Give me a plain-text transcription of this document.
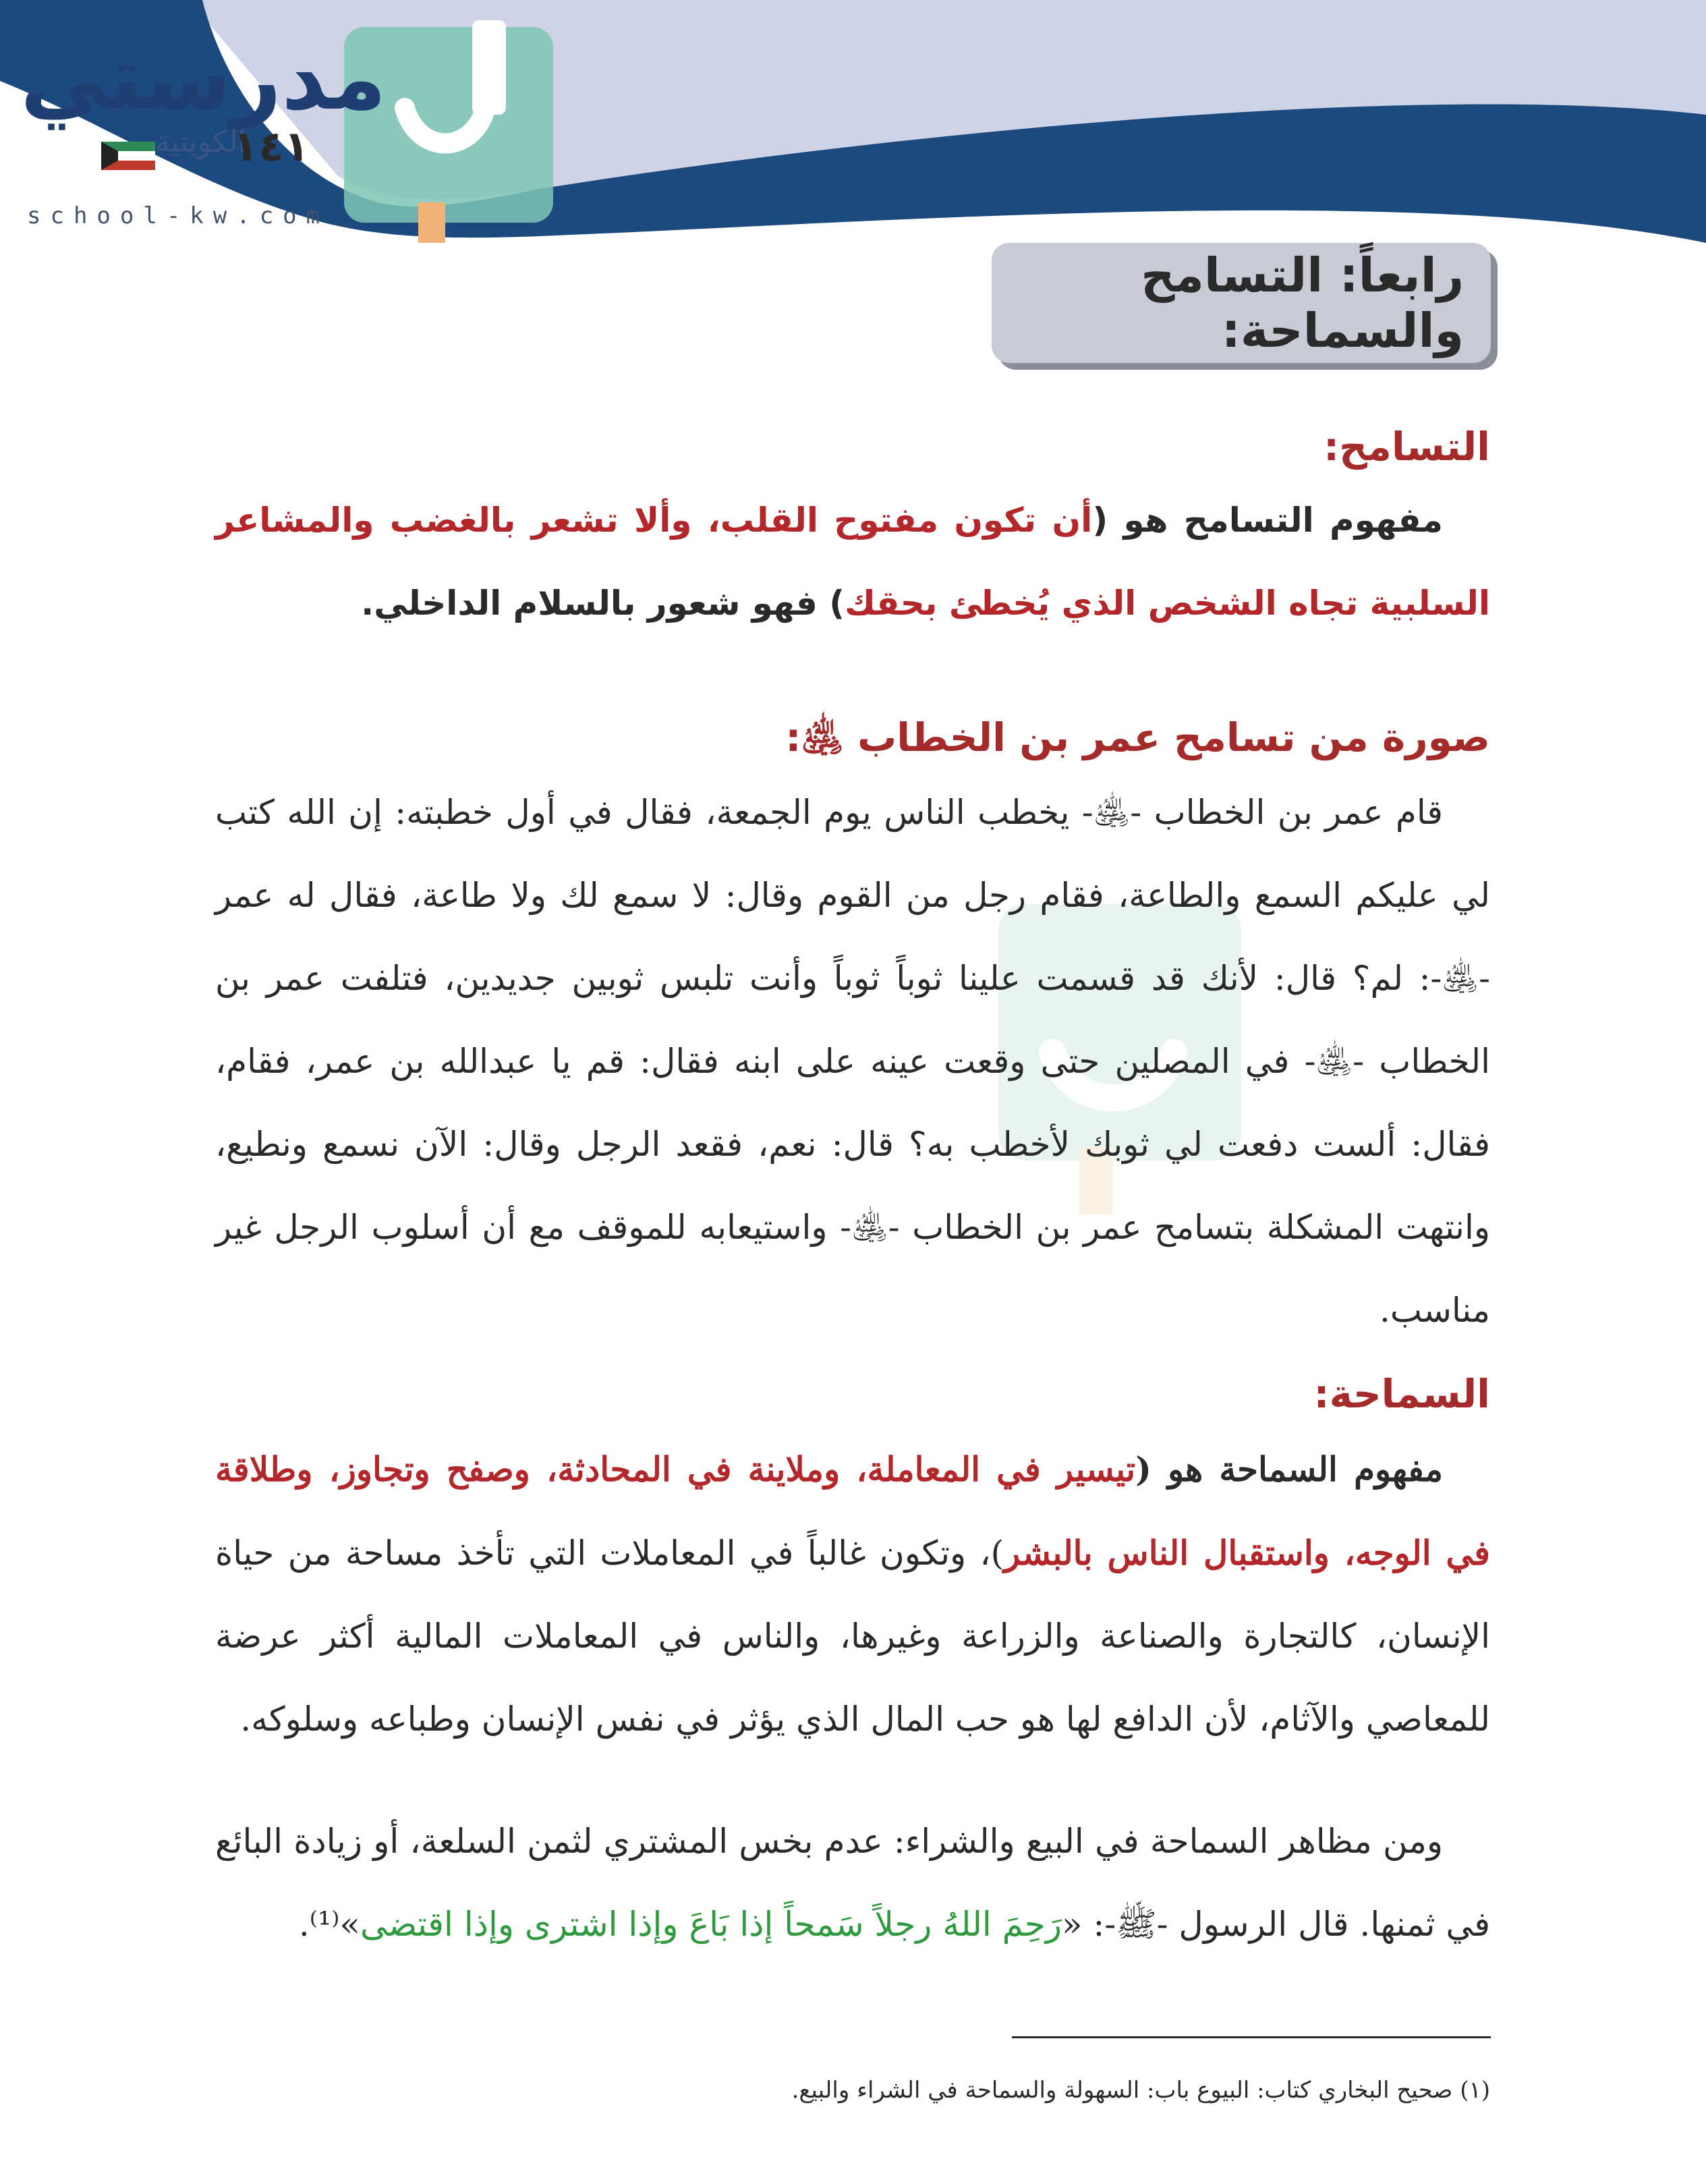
مدرستي
الكويتية
school-kw.com
١٤١
رابعاً: التسامح والسماحة:
التسامح:
مفهوم التسامح هو (أن تكون مفتوح القلب، وألا تشعر بالغضب والمشاعر السلبية تجاه الشخص الذي يُخطئ بحقك) فهو شعور بالسلام الداخلي.
صورة من تسامح عمر بن الخطاب ﵁:
قام عمر بن الخطاب -﵁- يخطب الناس يوم الجمعة، فقال في أول خطبته: إن الله كتب لي عليكم السمع والطاعة، فقام رجل من القوم وقال: لا سمع لك ولا طاعة، فقال له عمر -﵁-: لم؟ قال: لأنك قد قسمت علينا ثوباً ثوباً وأنت تلبس ثوبين جديدين، فتلفت عمر بن الخطاب -﵁- في المصلين حتى وقعت عينه على ابنه فقال: قم يا عبدالله بن عمر، فقام، فقال: ألست دفعت لي ثوبك لأخطب به؟ قال: نعم، فقعد الرجل وقال: الآن نسمع ونطيع، وانتهت المشكلة بتسامح عمر بن الخطاب -﵁- واستيعابه للموقف مع أن أسلوب الرجل غير مناسب.
السماحة:
مفهوم السماحة هو (تيسير في المعاملة، وملاينة في المحادثة، وصفح وتجاوز، وطلاقة في الوجه، واستقبال الناس بالبشر)، وتكون غالباً في المعاملات التي تأخذ مساحة من حياة الإنسان، كالتجارة والصناعة والزراعة وغيرها، والناس في المعاملات المالية أكثر عرضة للمعاصي والآثام، لأن الدافع لها هو حب المال الذي يؤثر في نفس الإنسان وطباعه وسلوكه.
ومن مظاهر السماحة في البيع والشراء: عدم بخس المشتري لثمن السلعة، أو زيادة البائع في ثمنها. قال الرسول -ﷺ-: «رَحِمَ اللهُ رجلاً سَمحاً إذا بَاعَ وإذا اشترى وإذا اقتضى»⁽¹⁾.
(١) صحيح البخاري كتاب: البيوع باب: السهولة والسماحة في الشراء والبيع.
